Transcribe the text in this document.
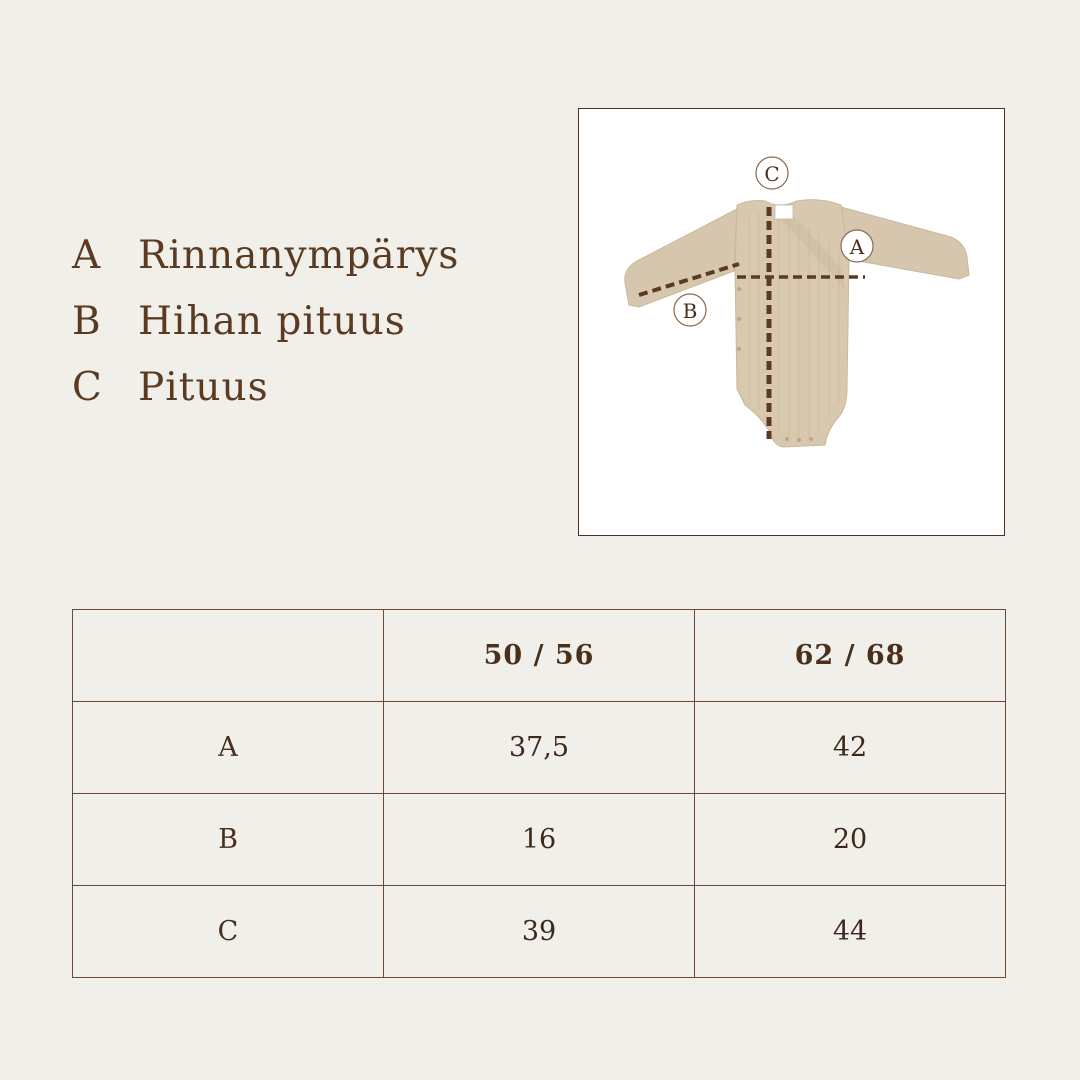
A Rinnanympärys
B Hihan pituus
C Pituus
C
A
B
	50 / 56	62 / 68
A	37,5	42
B	16	20
C	39	44
